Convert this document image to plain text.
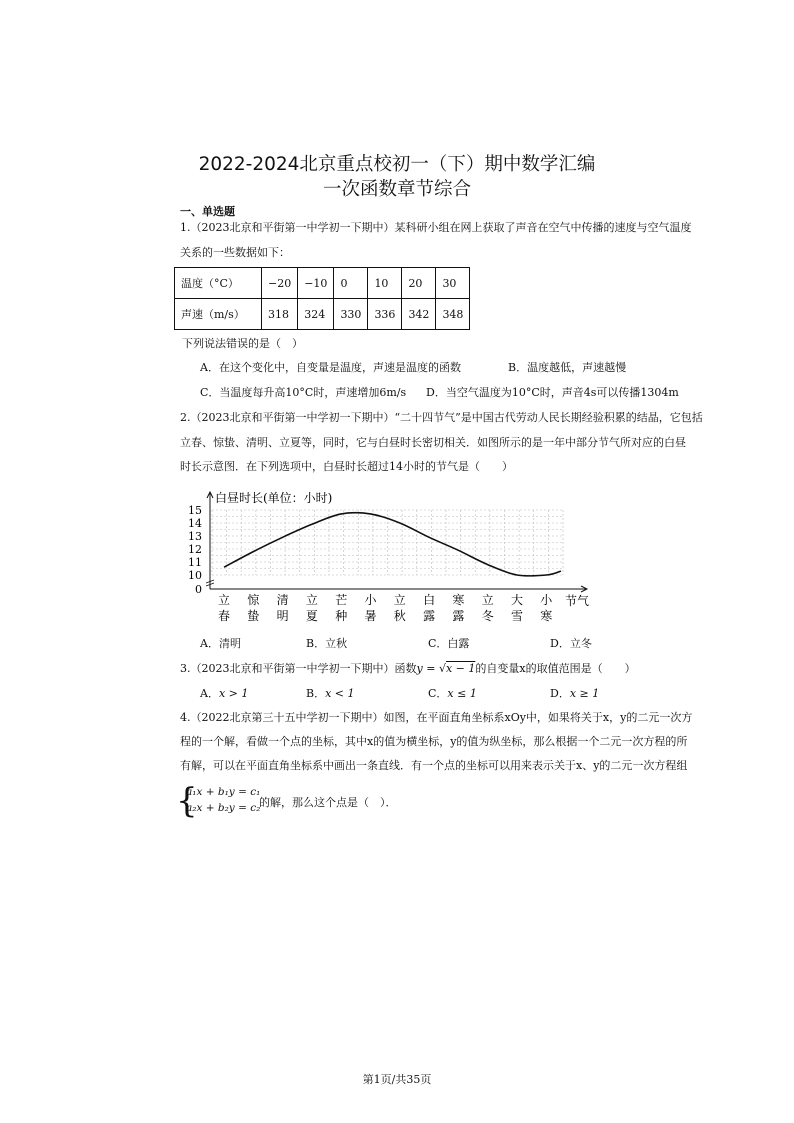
2022-2024北京重点校初一（下）期中数学汇编
一次函数章节综合
一、单选题
1.（2023北京和平街第一中学初一下期中）某科研小组在网上获取了声音在空气中传播的速度与空气温度
关系的一些数据如下：
温度（°C）	−20	−10	0	10	20	30
声速（m/s）	318	324	330	336	342	348
下列说法错误的是（　）
A．在这个变化中，自变量是温度，声速是温度的函数	B．温度越低，声速越慢
C．当温度每升高10°C时，声速增加6m/s D．当空气温度为10°C时，声音4s可以传播1304m
2.（2023北京和平街第一中学初一下期中）“二十四节气”是中国古代劳动人民长期经验积累的结晶，它包括
立春、惊蛰、清明、立夏等，同时，它与白昼时长密切相关．如图所示的是一年中部分节气所对应的白昼
时长示意图．在下列选项中，白昼时长超过14小时的节气是（　　）
15
14
13
12
11
10
0
立
春
惊
蛰
清
明
立
夏
芒
种
小
暑
立
秋
白
露
寒
露
立
冬
大
雪
小
寒
白昼时长(单位：小时)
节气
A．清明	B．立秋	C．白露	D．立冬
3.（2023北京和平街第一中学初一下期中）函数y = √x − 1的自变量x的取值范围是（　　）
A．x > 1	B．x < 1	C．x ≤ 1	D．x ≥ 1
4.（2022北京第三十五中学初一下期中）如图，在平面直角坐标系xOy中，如果将关于x，y的二元一次方
程的一个解，看做一个点的坐标，其中x的值为横坐标，y的值为纵坐标，那么根据一个二元一次方程的所
有解，可以在平面直角坐标系中画出一条直线．有一个点的坐标可以用来表示关于x、y的二元一次方程组
{
a₁x + b₁y = c₁
a₂x + b₂y = c₂
的解，那么这个点是（　）．
第1页/共35页
